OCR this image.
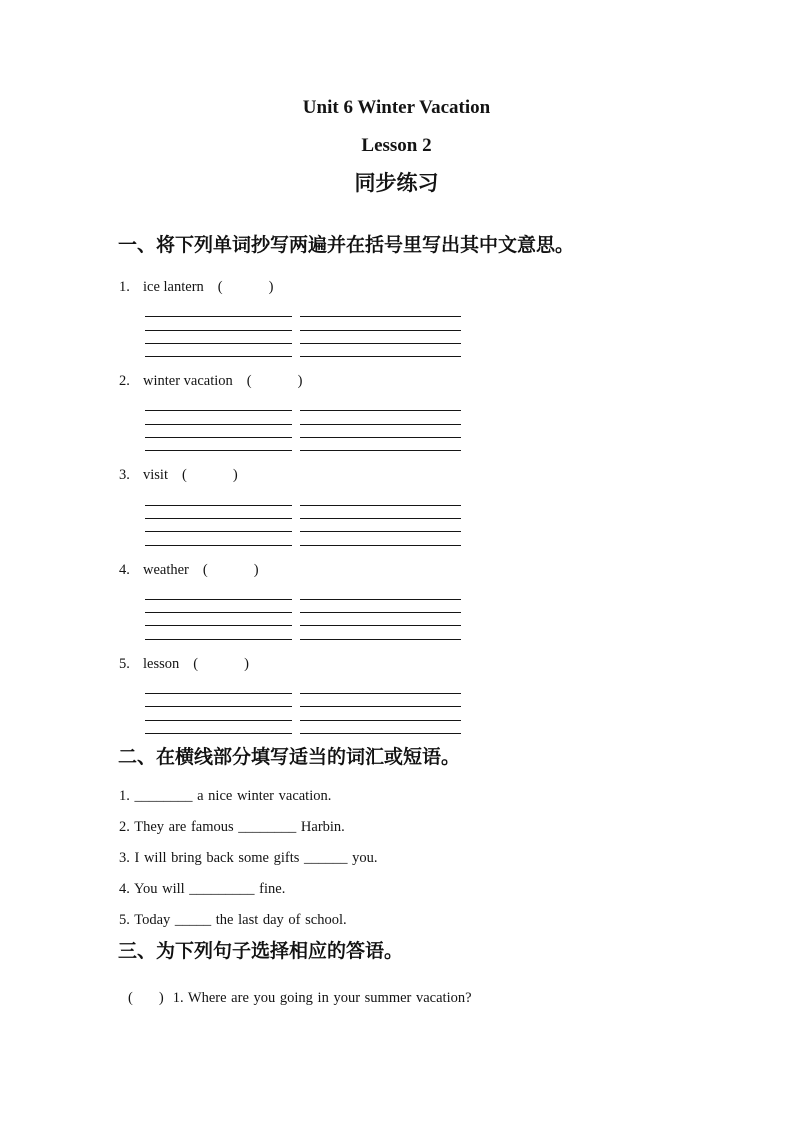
Unit 6 Winter Vacation
Lesson 2
同步练习
一、将下列单词抄写两遍并在括号里写出其中文意思。
1. ice lantern (	)
2. winter vacation (	)
3. visit (	)
4. weather (	)
5. lesson (	)
二、在横线部分填写适当的词汇或短语。
1. ________ a nice winter vacation.
2. They are famous ________ Harbin.
3. I will bring back some gifts ______ you.
4. You will _________ fine.
5. Today _____ the last day of school.
三、为下列句子选择相应的答语。
( ) 1. Where are you going in your summer vacation?
